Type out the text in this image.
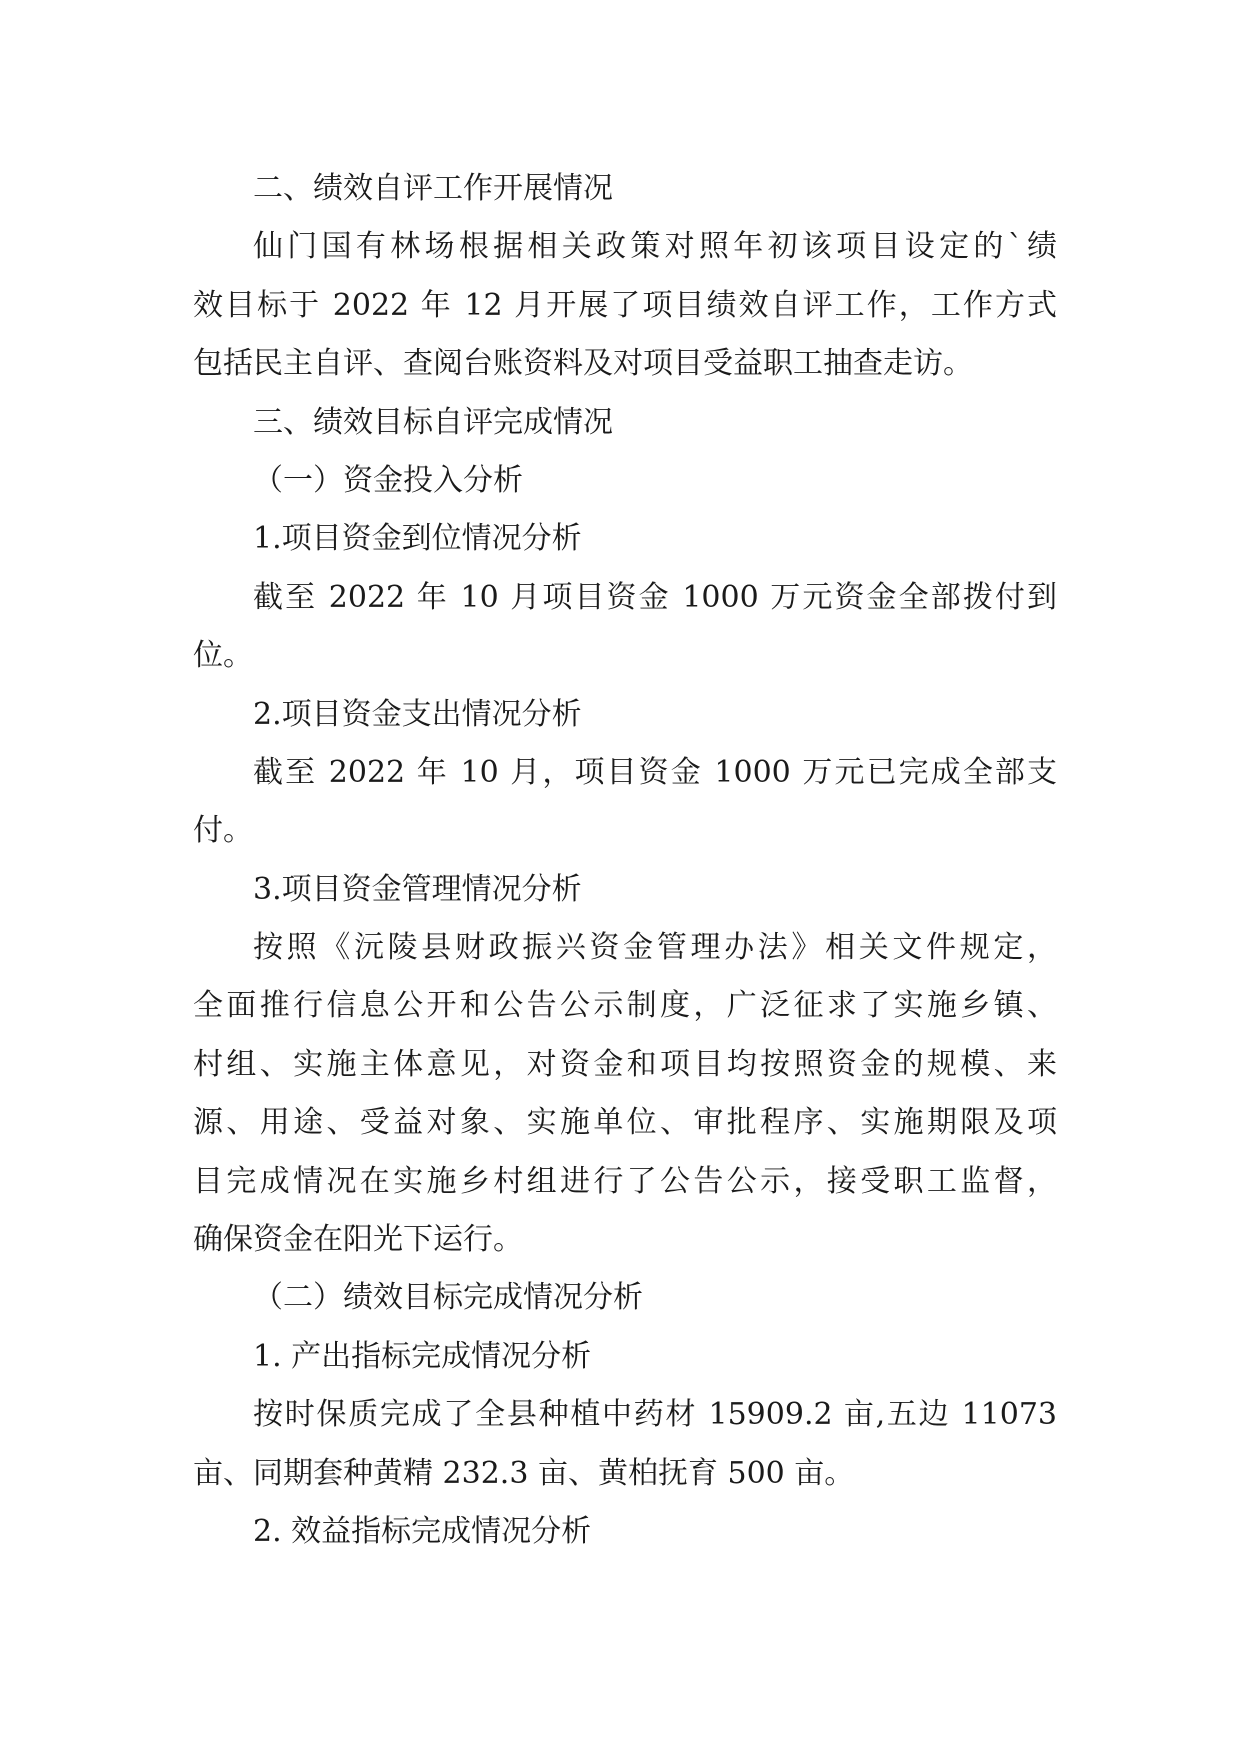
二、绩效自评工作开展情况
仙门国有林场根据相关政策对照年初该项目设定的`绩
效目标于 2022 年 12 月开展了项目绩效自评工作，工作方式
包括民主自评、查阅台账资料及对项目受益职工抽查走访。
三、绩效目标自评完成情况
（一）资金投入分析
1.项目资金到位情况分析
截至 2022 年 10 月项目资金 1000 万元资金全部拨付到
位。
2.项目资金支出情况分析
截至 2022 年 10 月，项目资金 1000 万元已完成全部支
付。
3.项目资金管理情况分析
按照《沅陵县财政振兴资金管理办法》相关文件规定，
全面推行信息公开和公告公示制度，广泛征求了实施乡镇、
村组、实施主体意见，对资金和项目均按照资金的规模、来
源、用途、受益对象、实施单位、审批程序、实施期限及项
目完成情况在实施乡村组进行了公告公示，接受职工监督，
确保资金在阳光下运行。
（二）绩效目标完成情况分析
1. 产出指标完成情况分析
按时保质完成了全县种植中药材 15909.2 亩,五边 11073
亩、同期套种黄精 232.3 亩、黄柏抚育 500 亩。
2. 效益指标完成情况分析
